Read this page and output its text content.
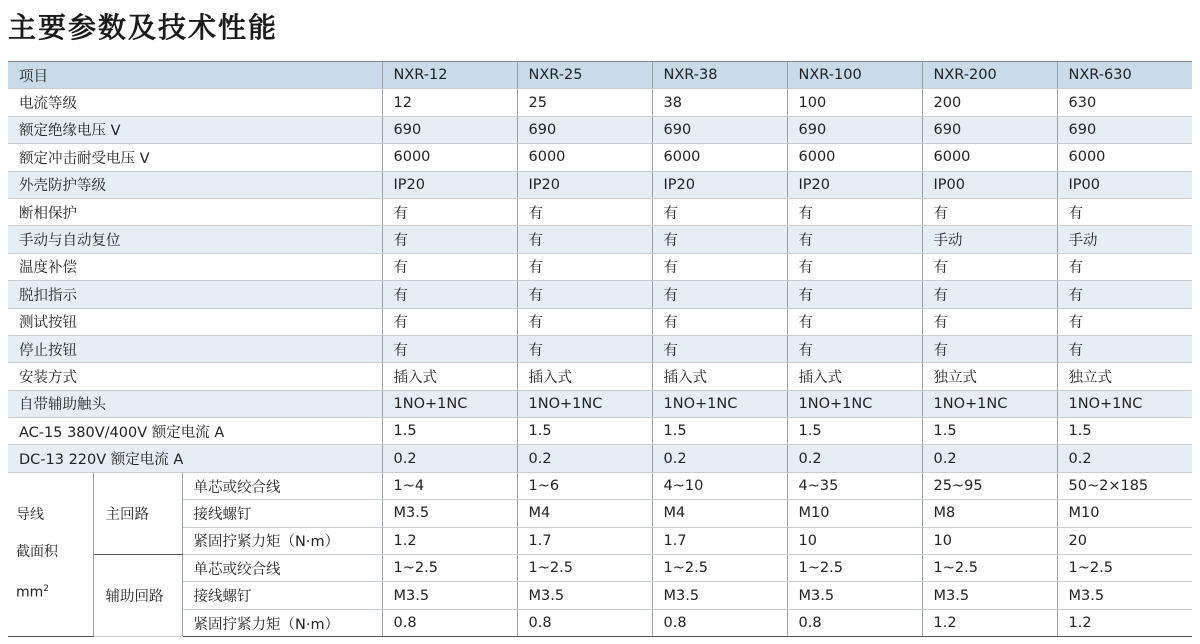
主要参数及技术性能
项目			NXR-12	NXR-25	NXR-38	NXR-100	NXR-200	NXR-630
电流等级			12	25	38	100	200	630
额定绝缘电压 V			690	690	690	690	690	690
额定冲击耐受电压 V			6000	6000	6000	6000	6000	6000
外壳防护等级			IP20	IP20	IP20	IP20	IP00	IP00
断相保护			有	有	有	有	有	有
手动与自动复位			有	有	有	有	手动	手动
温度补偿			有	有	有	有	有	有
脱扣指示			有	有	有	有	有	有
测试按钮			有	有	有	有	有	有
停止按钮			有	有	有	有	有	有
安装方式			插入式	插入式	插入式	插入式	独立式	独立式
自带辅助触头			1NO+1NC	1NO+1NC	1NO+1NC	1NO+1NC	1NO+1NC	1NO+1NC
AC-15 380V/400V 额定电流 A			1.5	1.5	1.5	1.5	1.5	1.5
DC-13 220V 额定电流 A			0.2	0.2	0.2	0.2	0.2	0.2

导线
截面积
$mm^2$	主回路	单芯或绞合线	1~4	1~6	4~10	4~35	25~95	50~2×185
		接线螺钉	M3.5	M4	M4	M10	M8	M10
		紧固拧紧力矩（N·m）	1.2	1.7	1.7	10	10	20
	辅助回路	单芯或绞合线	1~2.5	1~2.5	1~2.5	1~2.5	1~2.5	1~2.5
		接线螺钉	M3.5	M3.5	M3.5	M3.5	M3.5	M3.5
		紧固拧紧力矩（N·m）	0.8	0.8	0.8	0.8	1.2	1.2
